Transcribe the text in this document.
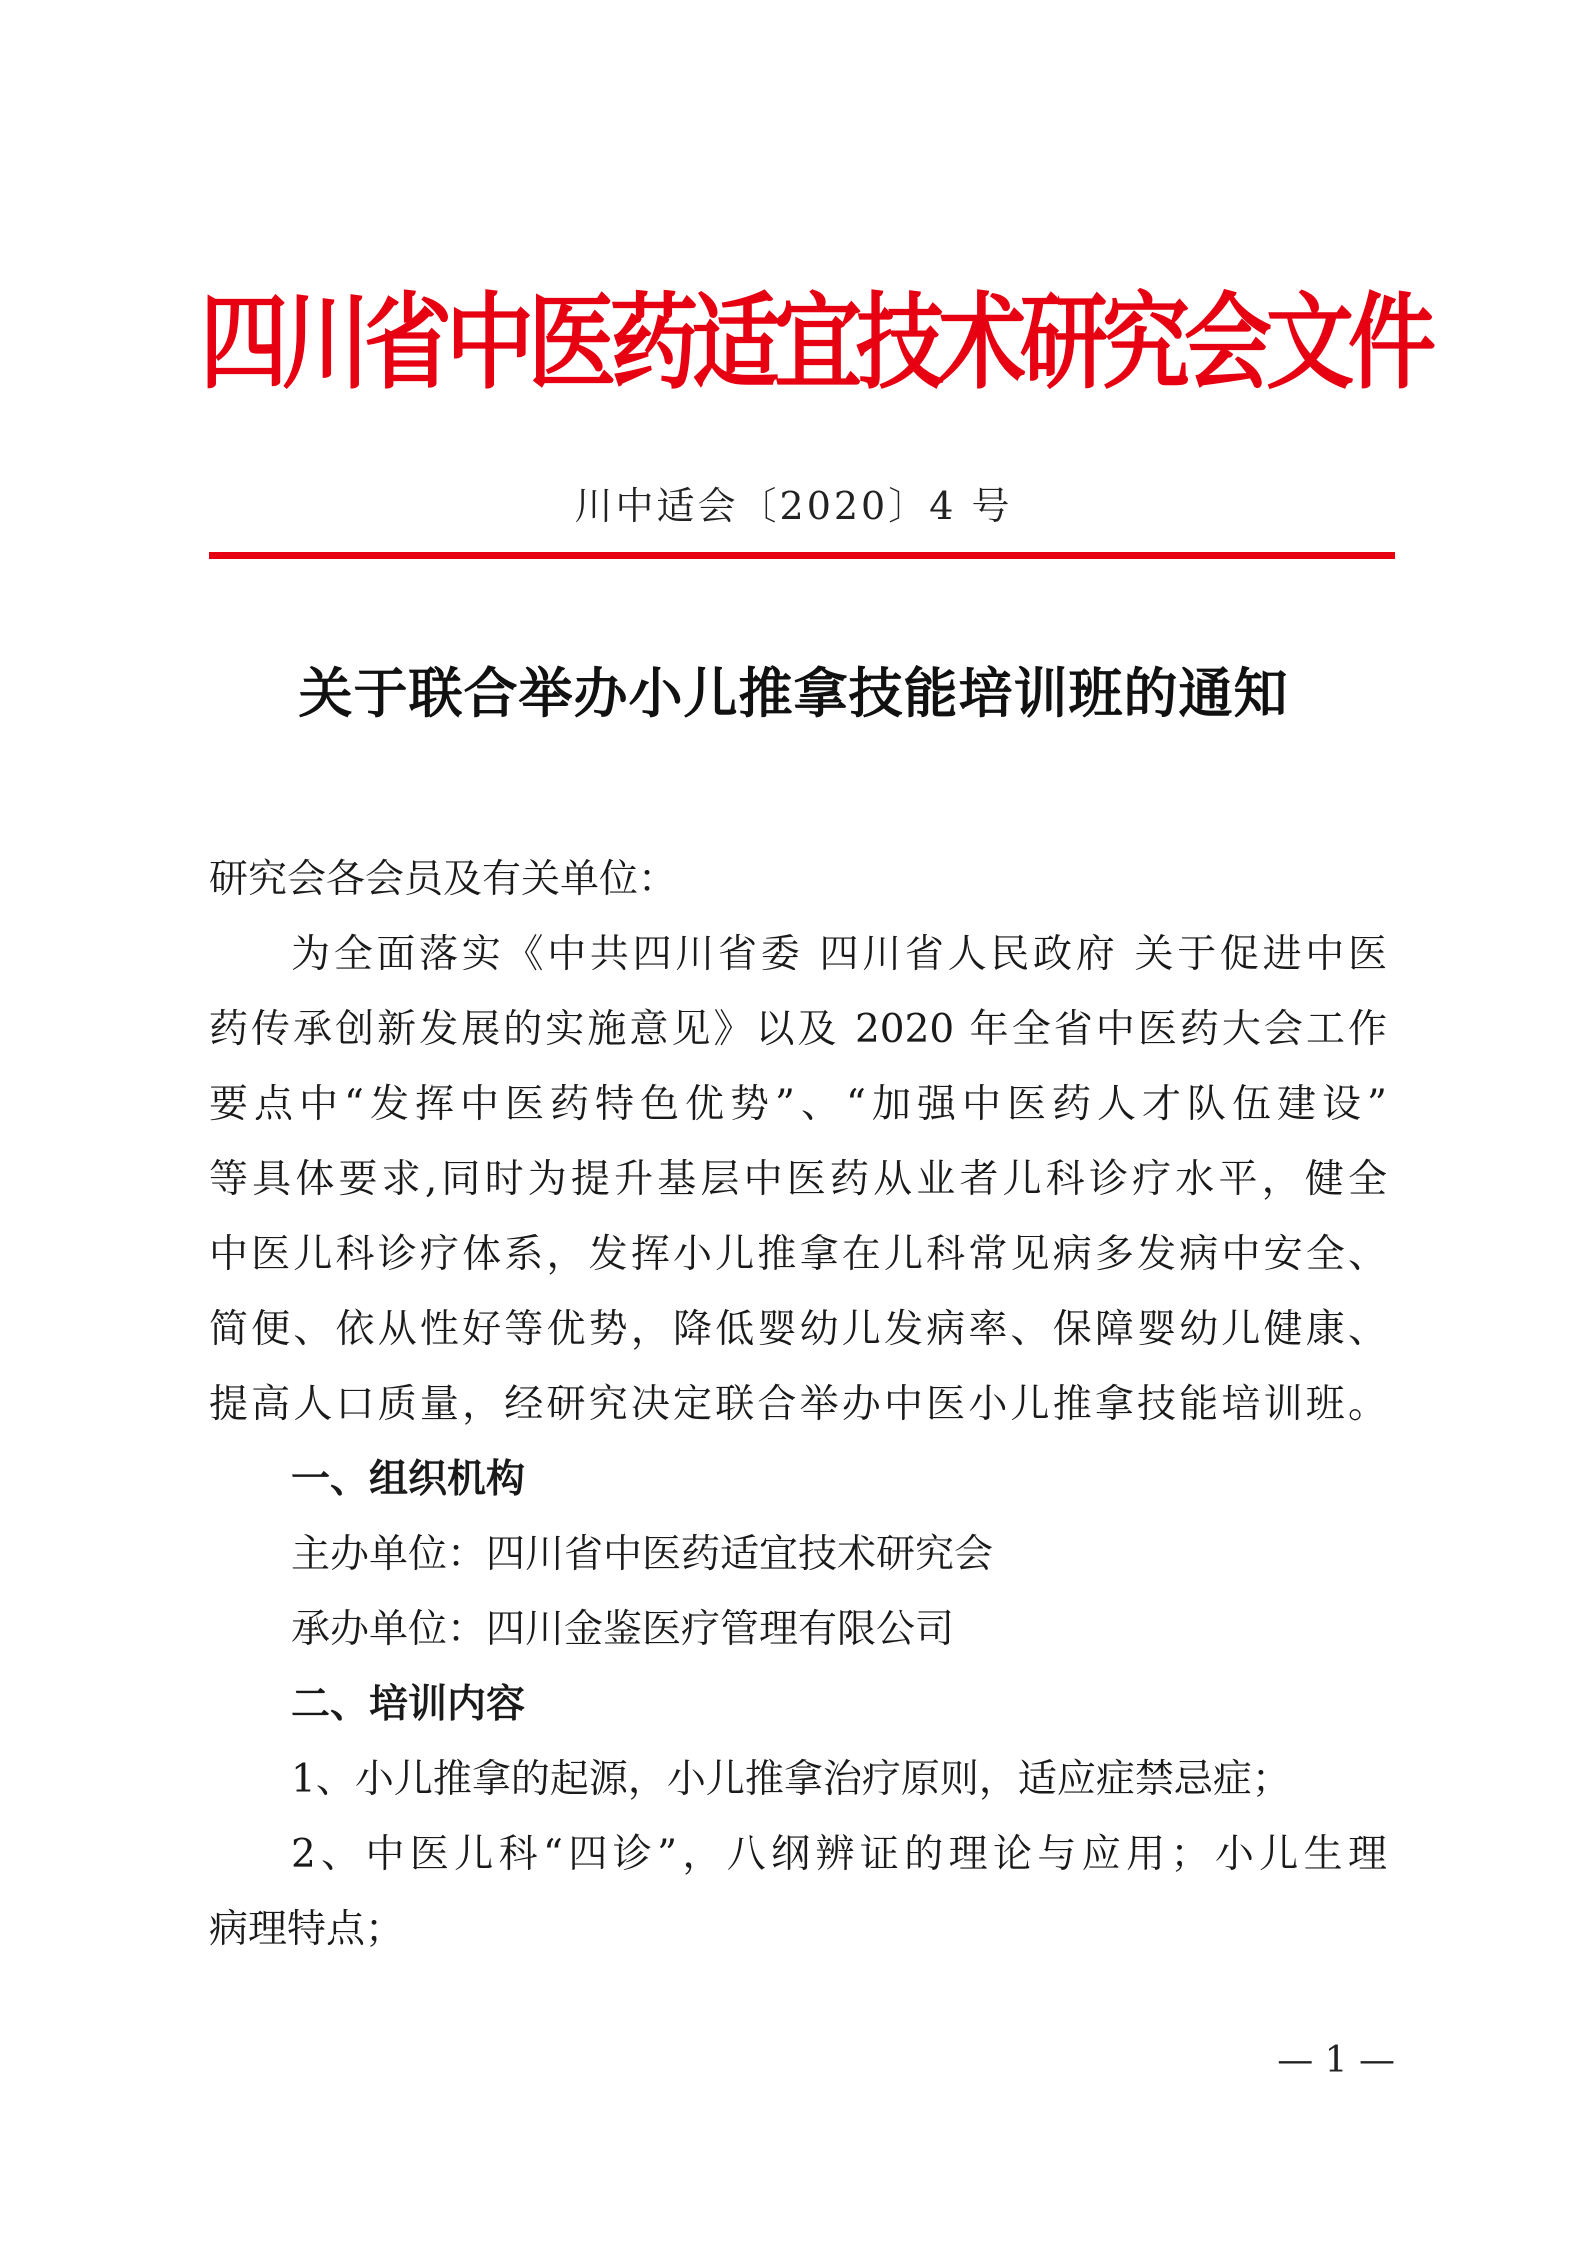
四川省中医药适宜技术研究会文件
川中适会〔2020〕4 号
关于联合举办小儿推拿技能培训班的通知
研究会各会员及有关单位：
为全面落实《中共四川省委 四川省人民政府 关于促进中医
药传承创新发展的实施意见》以及 2020 年全省中医药大会工作
要点中“发挥中医药特色优势”、“加强中医药人才队伍建设”
等具体要求,同时为提升基层中医药从业者儿科诊疗水平，健全
中医儿科诊疗体系，发挥小儿推拿在儿科常见病多发病中安全、
简便、依从性好等优势，降低婴幼儿发病率、保障婴幼儿健康、
提高人口质量，经研究决定联合举办中医小儿推拿技能培训班。
一、组织机构
主办单位：四川省中医药适宜技术研究会
承办单位：四川金鉴医疗管理有限公司
二、培训内容
1、小儿推拿的起源，小儿推拿治疗原则，适应症禁忌症；
2、中医儿科“四诊”，八纲辨证的理论与应用；小儿生理
病理特点；
— 1 —
